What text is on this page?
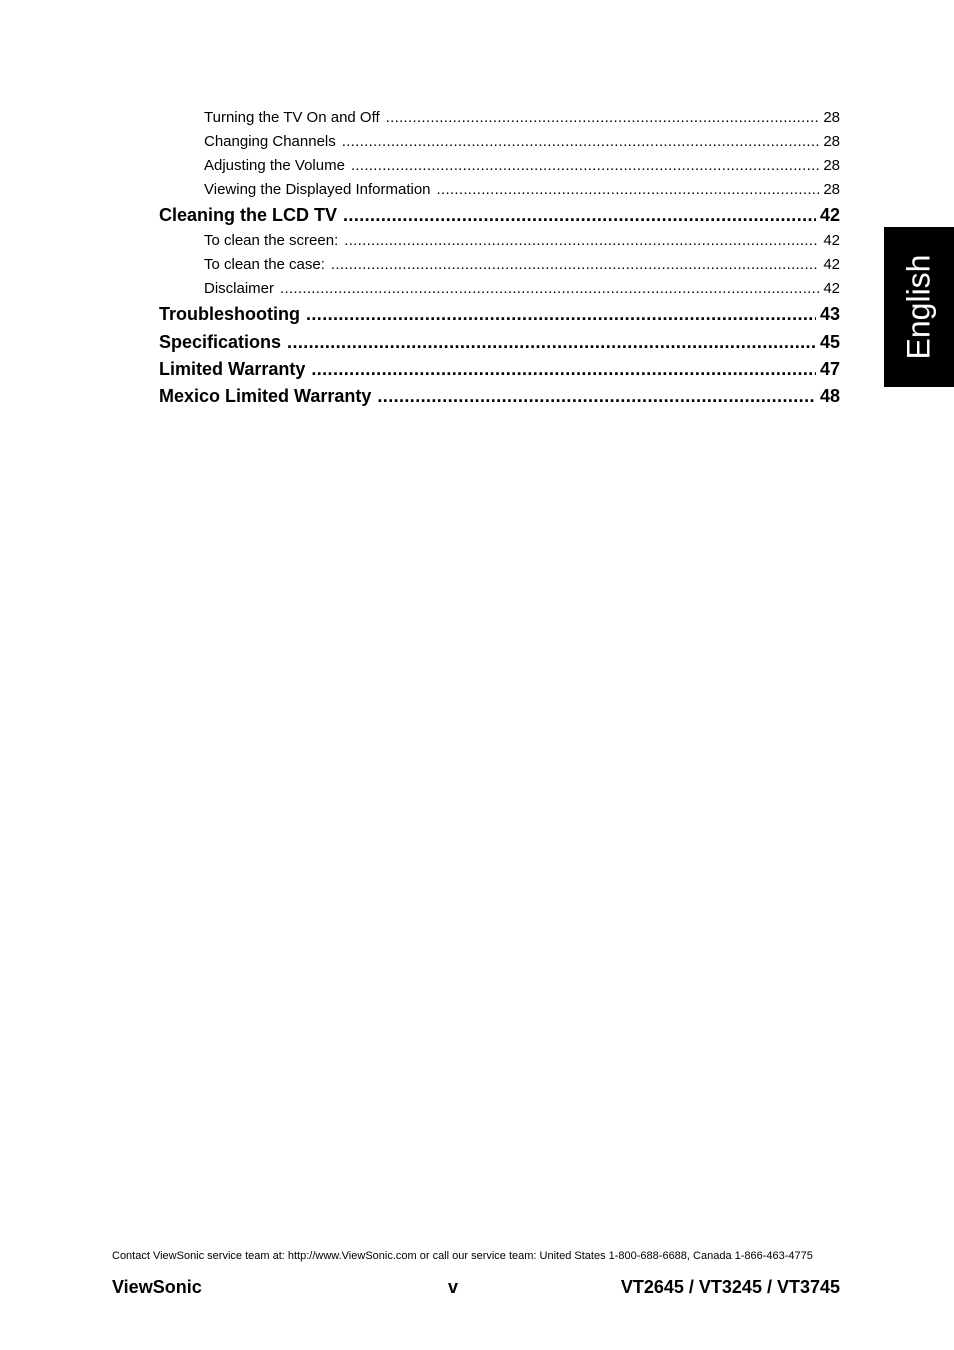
Turning the TV On and Off .....	28
Changing Channels .....	28
Adjusting the Volume .....	28
Viewing the Displayed Information .....	28
Cleaning the LCD TV .....	42
To clean the screen: .....	42
To clean the case: .....	42
Disclaimer .....	42
Troubleshooting .....	43
Specifications .....	45
Limited Warranty .....	47
Mexico Limited Warranty .....	48
English
Contact ViewSonic service team at: http://www.ViewSonic.com or call our service team: United States 1-800-688-6688, Canada 1-866-463-4775
ViewSonic	v	VT2645 / VT3245 / VT3745
